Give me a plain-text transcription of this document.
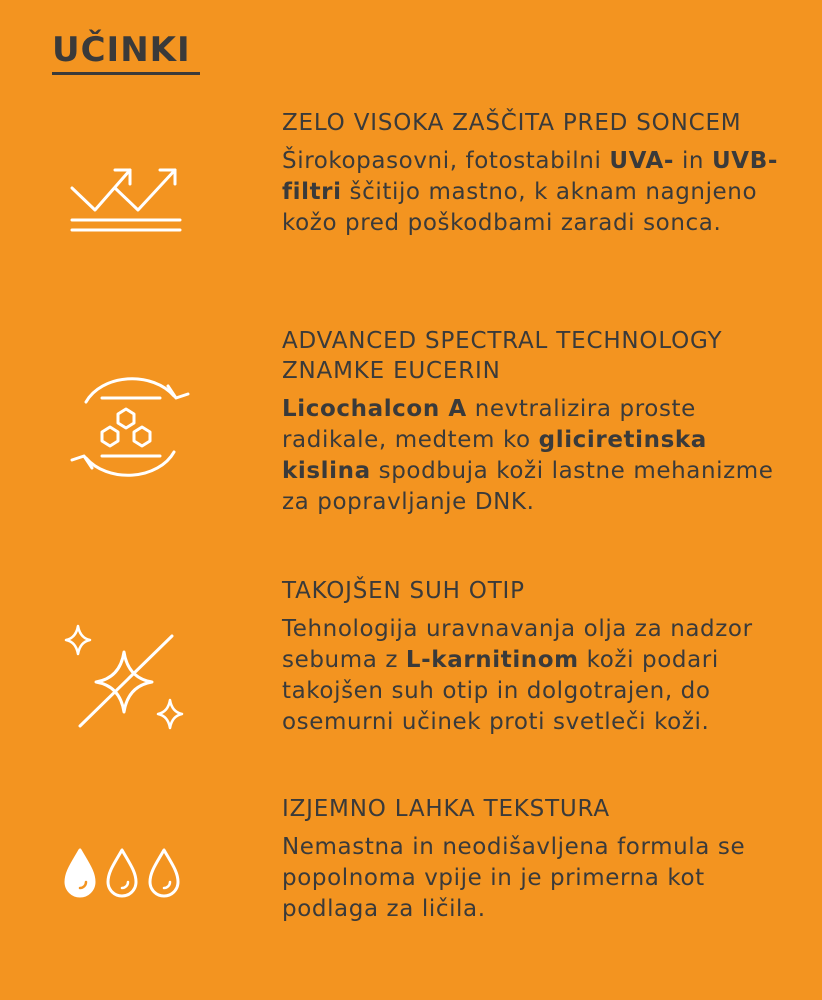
UČINKI
ZELO VISOKA ZAŠČITA PRED SONCEM

Širokopasovni, fotostabilni UVA- in UVB-filtri ščitijo mastno, k aknam nagnjeno kožo pred poškodbami zaradi sonca.

ADVANCED SPECTRAL TECHNOLOGY ZNAMKE EUCERIN

Licochalcon A nevtralizira proste radikale, medtem ko gliciretinska kislina spodbuja koži lastne mehanizme za popravljanje DNK.

TAKOJŠEN SUH OTIP

Tehnologija uravnavanja olja za nadzor sebuma z L-karnitinom koži podari takojšen suh otip in dolgotrajen, do osemurni učinek proti svetleči koži.

IZJEMNO LAHKA TEKSTURA

Nemastna in neodišavljena formula se popolnoma vpije in je primerna kot podlaga za ličila.
